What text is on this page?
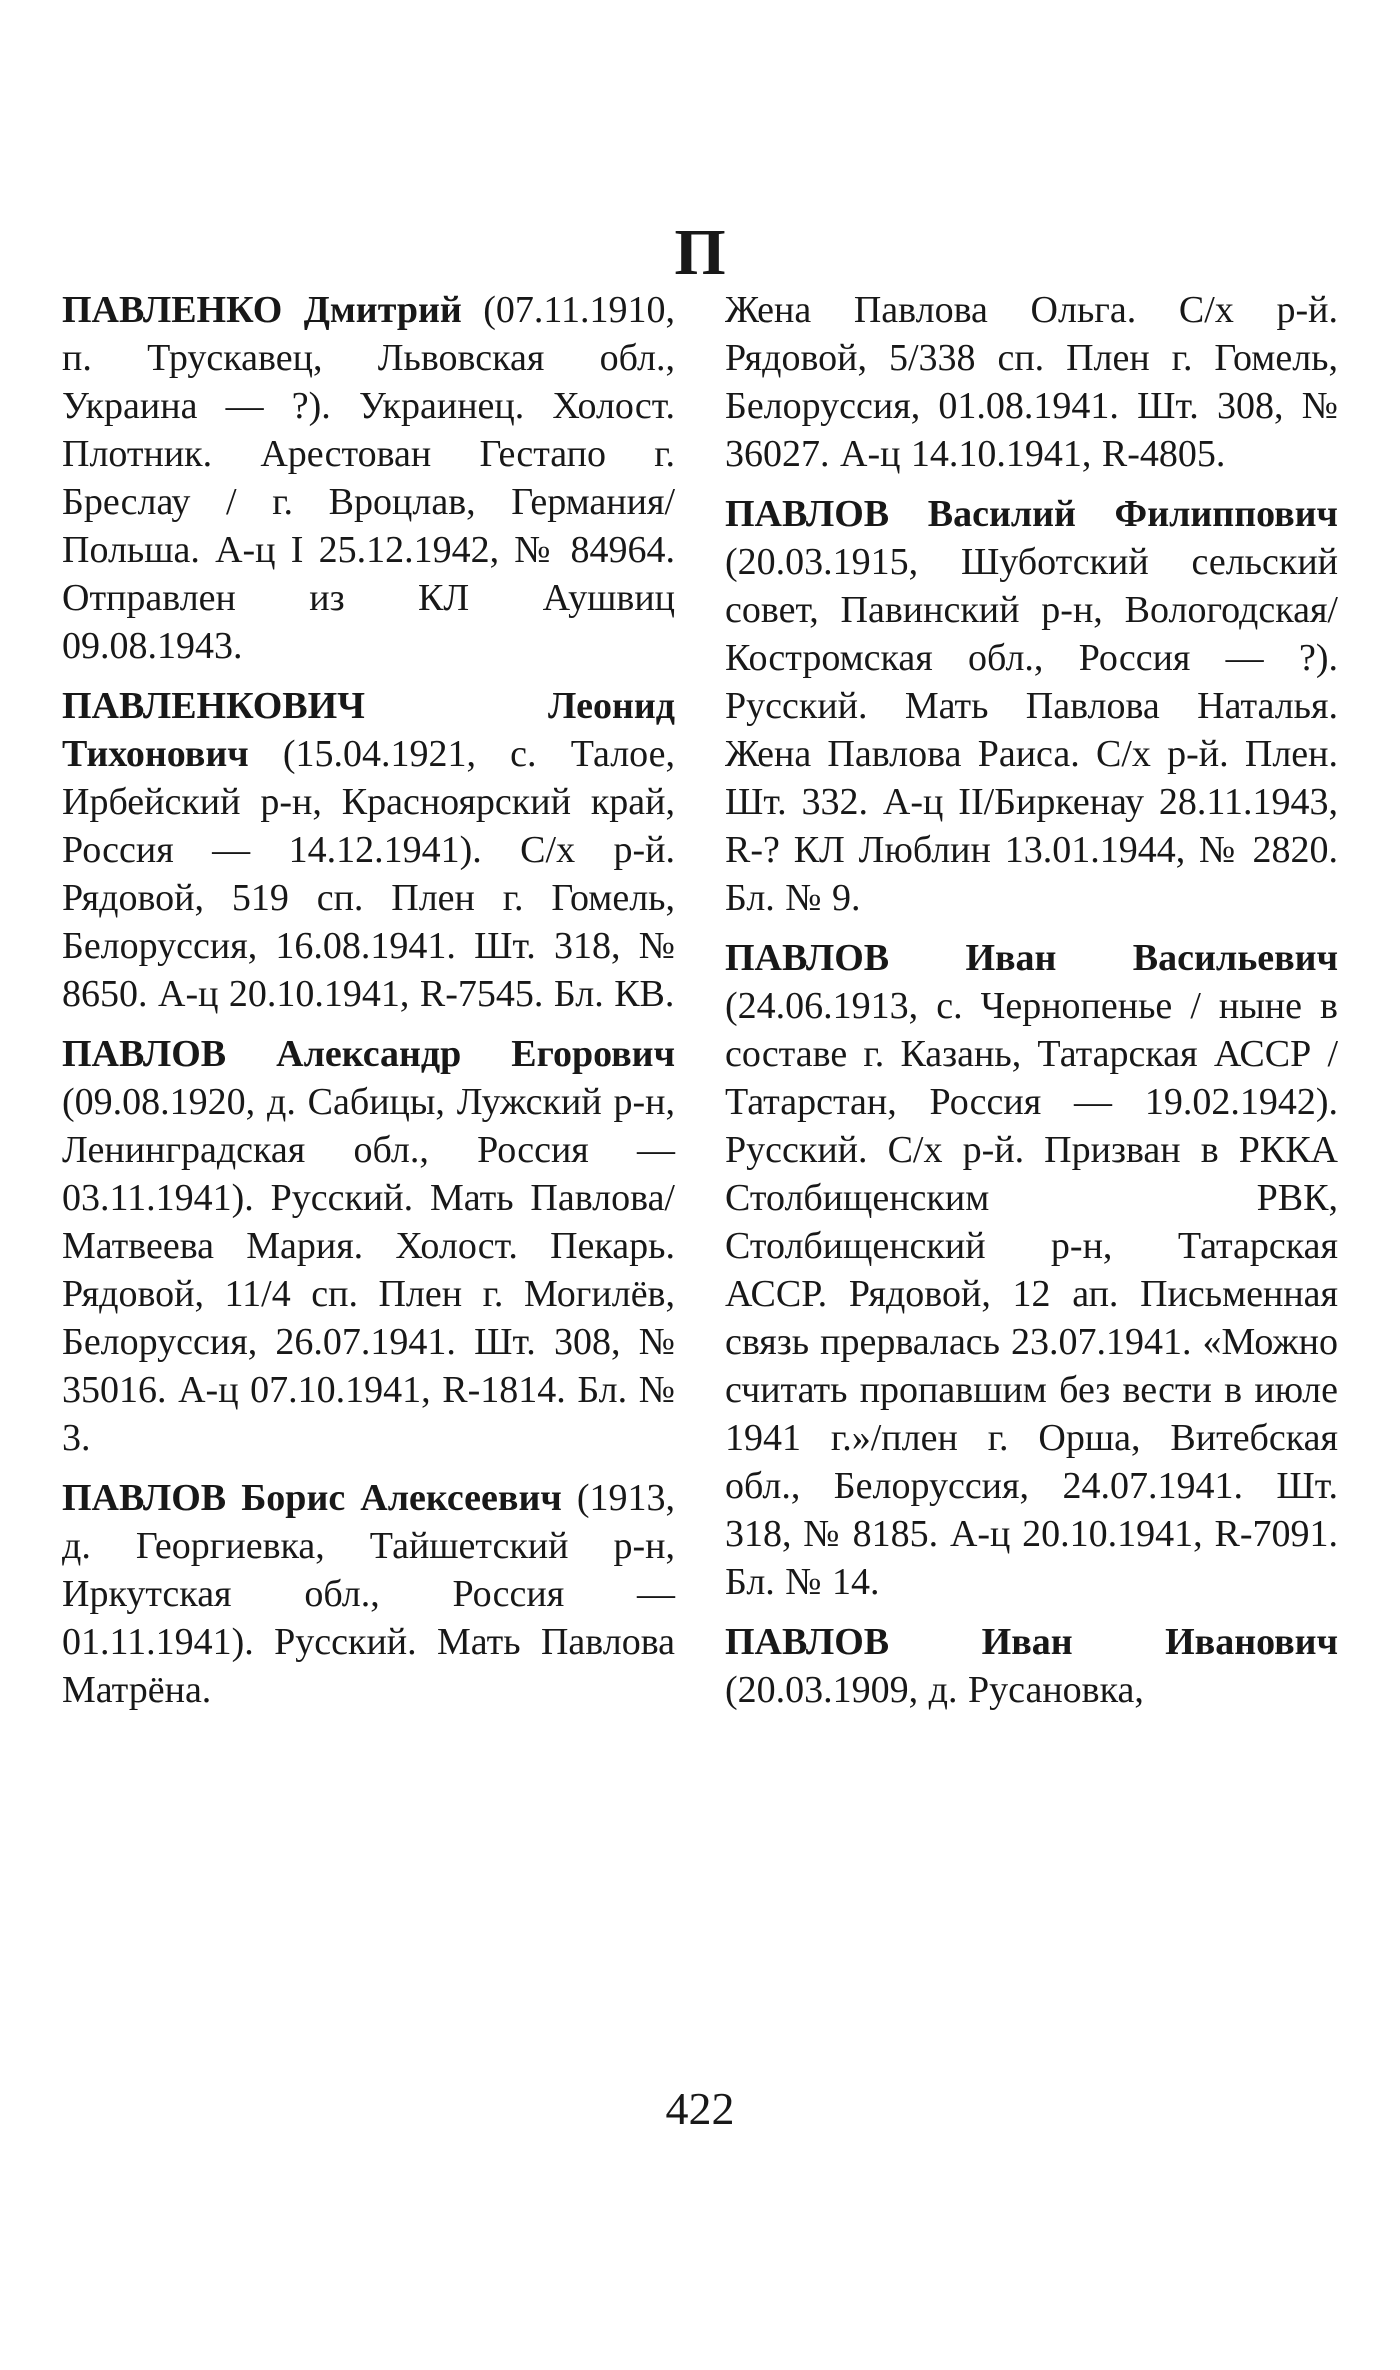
П

ПАВЛЕНКО Дмитрий (07.11.1910, п. Трускавец, Львовская обл., Украина — ?). Украинец. Холост. Плотник. Арестован Гестапо г. Бреслау / г. Вроцлав, Германия/Польша. А-ц I 25.12.1942, № 84964. Отправлен из КЛ Аушвиц 09.08.1943.

ПАВЛЕНКОВИЧ Леонид Тихонович (15.04.1921, с. Талое, Ирбейский р-н, Красноярский край, Россия — 14.12.1941). С/х р-й. Рядовой, 519 сп. Плен г. Гомель, Белоруссия, 16.08.1941. Шт. 318, № 8650. А-ц 20.10.1941, R-7545. Бл. КВ.

ПАВЛОВ Александр Егорович (09.08.1920, д. Сабицы, Лужский р-н, Ленинградская обл., Россия — 03.11.1941). Русский. Мать Павлова/Матвеева Мария. Холост. Пекарь. Рядовой, 11/4 сп. Плен г. Могилёв, Белоруссия, 26.07.1941. Шт. 308, № 35016. А-ц 07.10.1941, R-1814. Бл. № 3.

ПАВЛОВ Борис Алексеевич (1913, д. Георгиевка, Тайшетский р-н, Иркутская обл., Россия — 01.11.1941). Русский. Мать Павлова Матрёна.

Жена Павлова Ольга. С/х р-й. Рядовой, 5/338 сп. Плен г. Гомель, Белоруссия, 01.08.1941. Шт. 308, № 36027. А-ц 14.10.1941, R-4805.

ПАВЛОВ Василий Филиппович (20.03.1915, Шуботский сельский совет, Павинский р-н, Вологодская/Костромская обл., Россия — ?). Русский. Мать Павлова Наталья. Жена Павлова Раиса. С/х р-й. Плен. Шт. 332. А-ц II/Биркенау 28.11.1943, R-? КЛ Люблин 13.01.1944, № 2820. Бл. № 9.

ПАВЛОВ Иван Васильевич (24.06.1913, с. Чернопенье / ныне в составе г. Казань, Татарская АССР / Татарстан, Россия — 19.02.1942). Русский. С/х р-й. Призван в РККА Столбищенским РВК, Столбищенский р-н, Татарская АССР. Рядовой, 12 ап. Письменная связь прервалась 23.07.1941. «Можно считать пропавшим без вести в июле 1941 г.»/плен г. Орша, Витебская обл., Белоруссия, 24.07.1941. Шт. 318, № 8185. А-ц 20.10.1941, R-7091. Бл. № 14.

ПАВЛОВ Иван Иванович (20.03.1909, д. Русановка,

422
